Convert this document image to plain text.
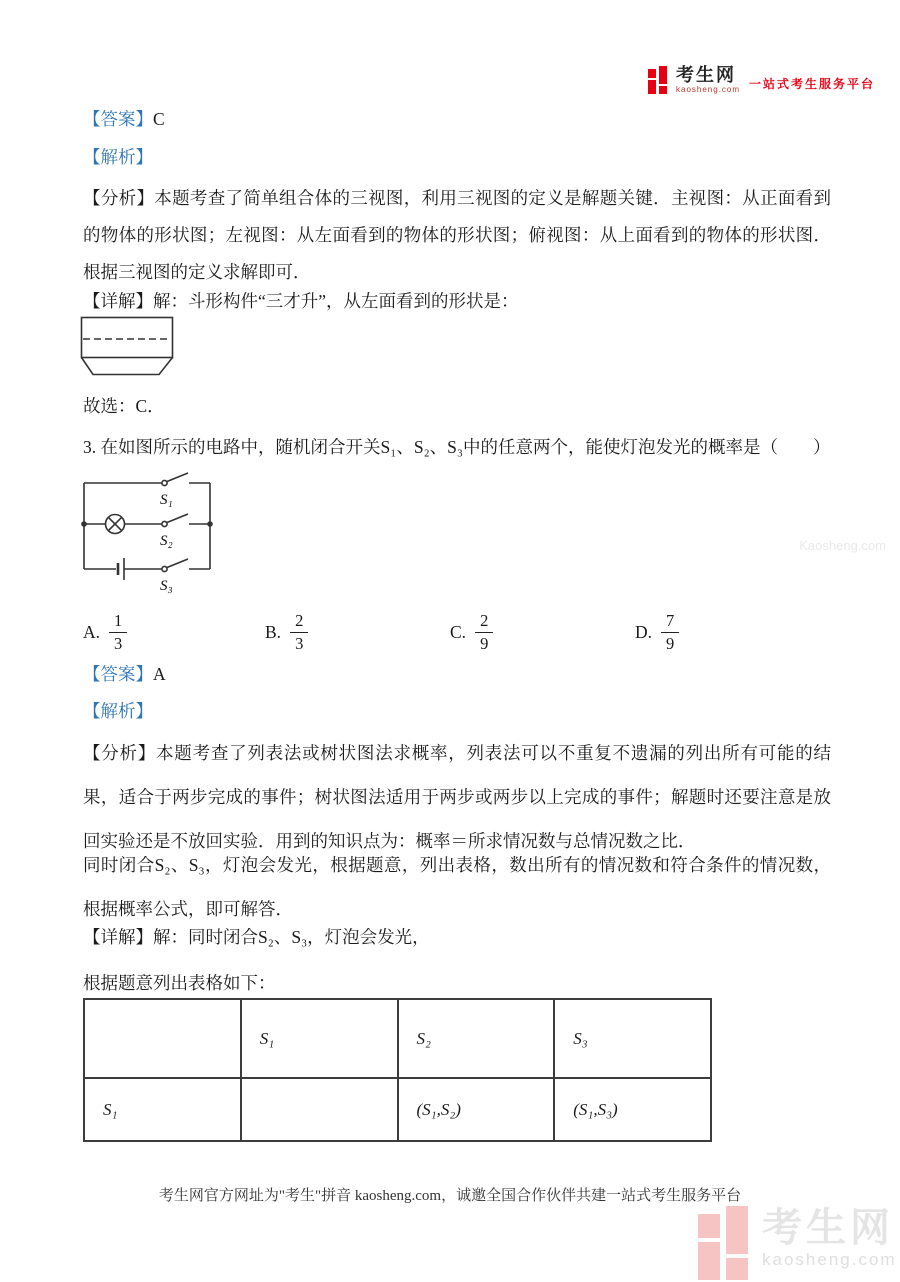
考生网
kaosheng.com 一站式考生服务平台
【答案】C
【解析】
【分析】本题考查了简单组合体的三视图，利用三视图的定义是解题关键．主视图：从正面看到的物体的形状图；左视图：从左面看到的物体的形状图；俯视图：从上面看到的物体的形状图．根据三视图的定义求解即可．
【详解】解：斗形构件“三才升”，从左面看到的形状是：
故选：C．
3. 在如图所示的电路中，随机闭合开关S₁、S₂、S₃中的任意两个，能使灯泡发光的概率是（　　）
S₁
S₂
S₃
A. $\frac{1}{3}$	B. $\frac{2}{3}$	C. $\frac{2}{9}$	D. $\frac{7}{9}$
【答案】A
【解析】
【分析】本题考查了列表法或树状图法求概率，列表法可以不重复不遗漏的列出所有可能的结果，适合于两步完成的事件；树状图法适用于两步或两步以上完成的事件；解题时还要注意是放回实验还是不放回实验．用到的知识点为：概率＝所求情况数与总情况数之比．
同时闭合S₂、S₃，灯泡会发光，根据题意，列出表格，数出所有的情况数和符合条件的情况数，根据概率公式，即可解答．
【详解】解：同时闭合S₂、S₃，灯泡会发光，
根据题意列出表格如下：
	S₁	S₂	S₃
S₁		(S₁,S₂)	(S₁,S₃)
考生网官方网址为"考生"拼音 kaosheng.com，诚邀全国合作伙伴共建一站式考生服务平台
Kaosheng.com
考生网
kaosheng.com
